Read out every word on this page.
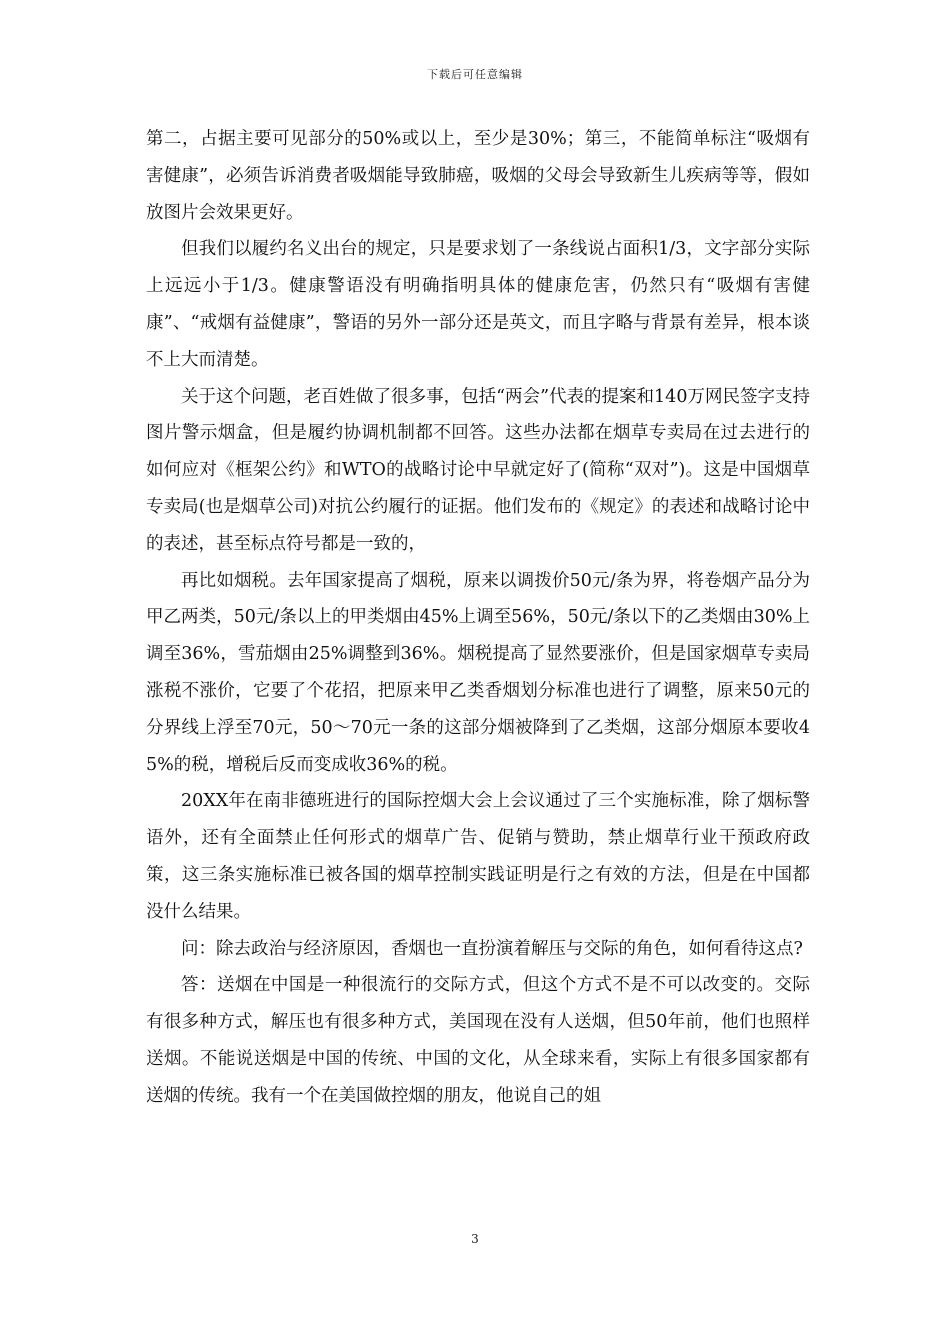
下载后可任意编辑

第二，占据主要可见部分的50%或以上，至少是30%；第三，不能简单标注“吸烟有害健康”，必须告诉消费者吸烟能导致肺癌，吸烟的父母会导致新生儿疾病等等，假如放图片会效果更好。

但我们以履约名义出台的规定，只是要求划了一条线说占面积1/3，文字部分实际上远远小于1/3。健康警语没有明确指明具体的健康危害，仍然只有“吸烟有害健康”、“戒烟有益健康”，警语的另外一部分还是英文，而且字略与背景有差异，根本谈不上大而清楚。

关于这个问题，老百姓做了很多事，包括“两会”代表的提案和140万网民签字支持图片警示烟盒，但是履约协调机制都不回答。这些办法都在烟草专卖局在过去进行的如何应对《框架公约》和WTO的战略讨论中早就定好了(简称“双对”)。这是中国烟草专卖局(也是烟草公司)对抗公约履行的证据。他们发布的《规定》的表述和战略讨论中的表述，甚至标点符号都是一致的，

再比如烟税。去年国家提高了烟税，原来以调拨价50元/条为界，将卷烟产品分为甲乙两类，50元/条以上的甲类烟由45%上调至56%，50元/条以下的乙类烟由30%上调至36%，雪茄烟由25%调整到36%。烟税提高了显然要涨价，但是国家烟草专卖局涨税不涨价，它要了个花招，把原来甲乙类香烟划分标准也进行了调整，原来50元的分界线上浮至70元，50～70元一条的这部分烟被降到了乙类烟，这部分烟原本要收45%的税，增税后反而变成收36%的税。

20XX年在南非德班进行的国际控烟大会上会议通过了三个实施标准，除了烟标警语外，还有全面禁止任何形式的烟草广告、促销与赞助，禁止烟草行业干预政府政策，这三条实施标准已被各国的烟草控制实践证明是行之有效的方法，但是在中国都没什么结果。

问：除去政治与经济原因，香烟也一直扮演着解压与交际的角色，如何看待这点?

答：送烟在中国是一种很流行的交际方式，但这个方式不是不可以改变的。交际有很多种方式，解压也有很多种方式，美国现在没有人送烟，但50年前，他们也照样送烟。不能说送烟是中国的传统、中国的文化，从全球来看，实际上有很多国家都有送烟的传统。我有一个在美国做控烟的朋友，他说自己的姐

3
